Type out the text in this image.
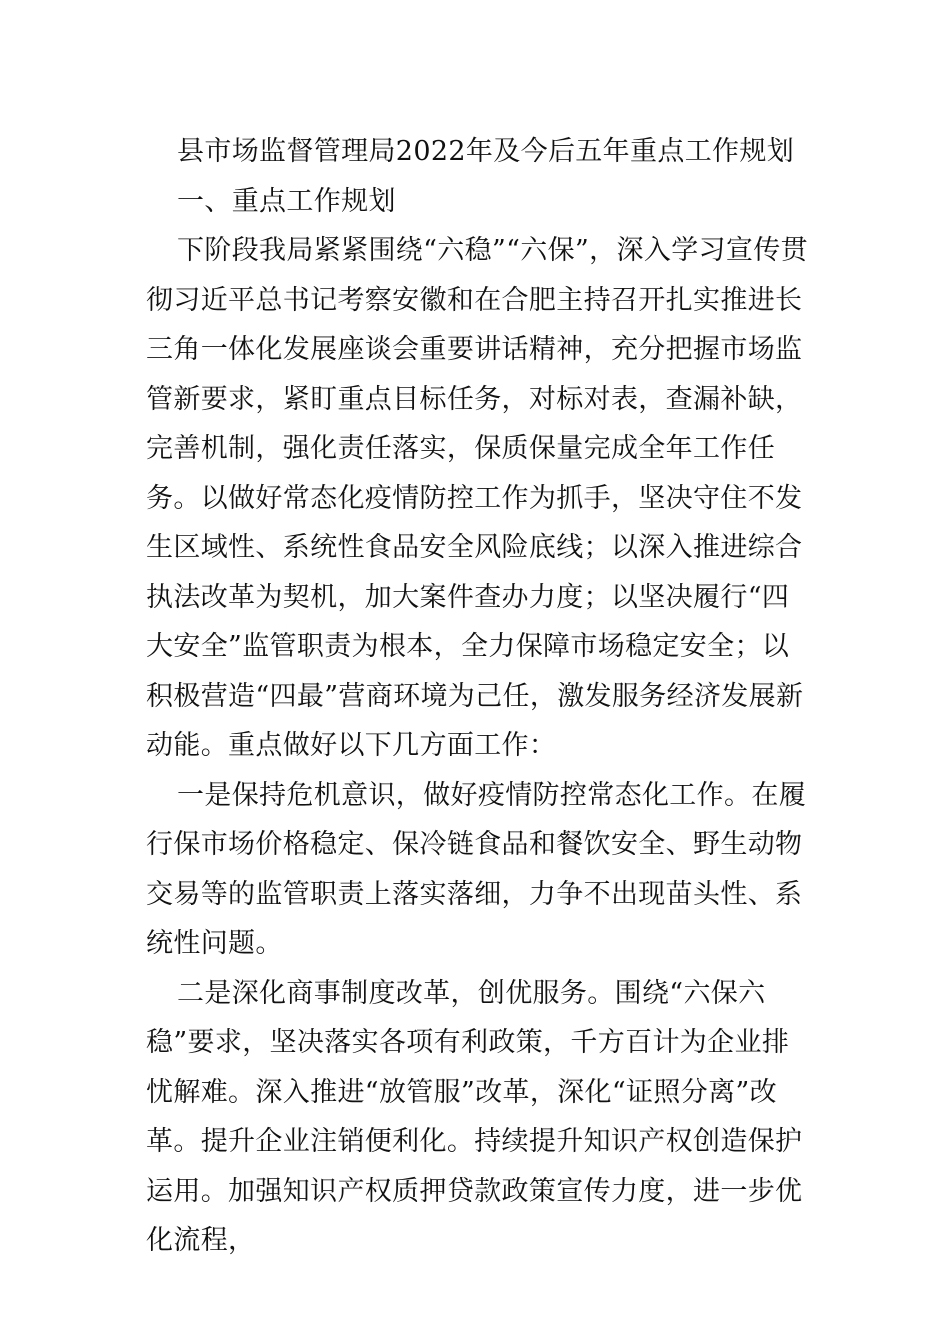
县市场监督管理局2022年及今后五年重点工作规划

一、重点工作规划

下阶段我局紧紧围绕“六稳”“六保”，深入学习宣传贯彻习近平总书记考察安徽和在合肥主持召开扎实推进长三角一体化发展座谈会重要讲话精神，充分把握市场监管新要求，紧盯重点目标任务，对标对表，查漏补缺，完善机制，强化责任落实，保质保量完成全年工作任务。以做好常态化疫情防控工作为抓手，坚决守住不发生区域性、系统性食品安全风险底线；以深入推进综合执法改革为契机，加大案件查办力度；以坚决履行“四大安全”监管职责为根本，全力保障市场稳定安全；以积极营造“四最”营商环境为己任，激发服务经济发展新动能。重点做好以下几方面工作：

一是保持危机意识，做好疫情防控常态化工作。在履行保市场价格稳定、保冷链食品和餐饮安全、野生动物交易等的监管职责上落实落细，力争不出现苗头性、系统性问题。

二是深化商事制度改革，创优服务。围绕“六保六稳”要求，坚决落实各项有利政策，千方百计为企业排忧解难。深入推进“放管服”改革，深化“证照分离”改革。提升企业注销便利化。持续提升知识产权创造保护运用。加强知识产权质押贷款政策宣传力度，进一步优化流程，
